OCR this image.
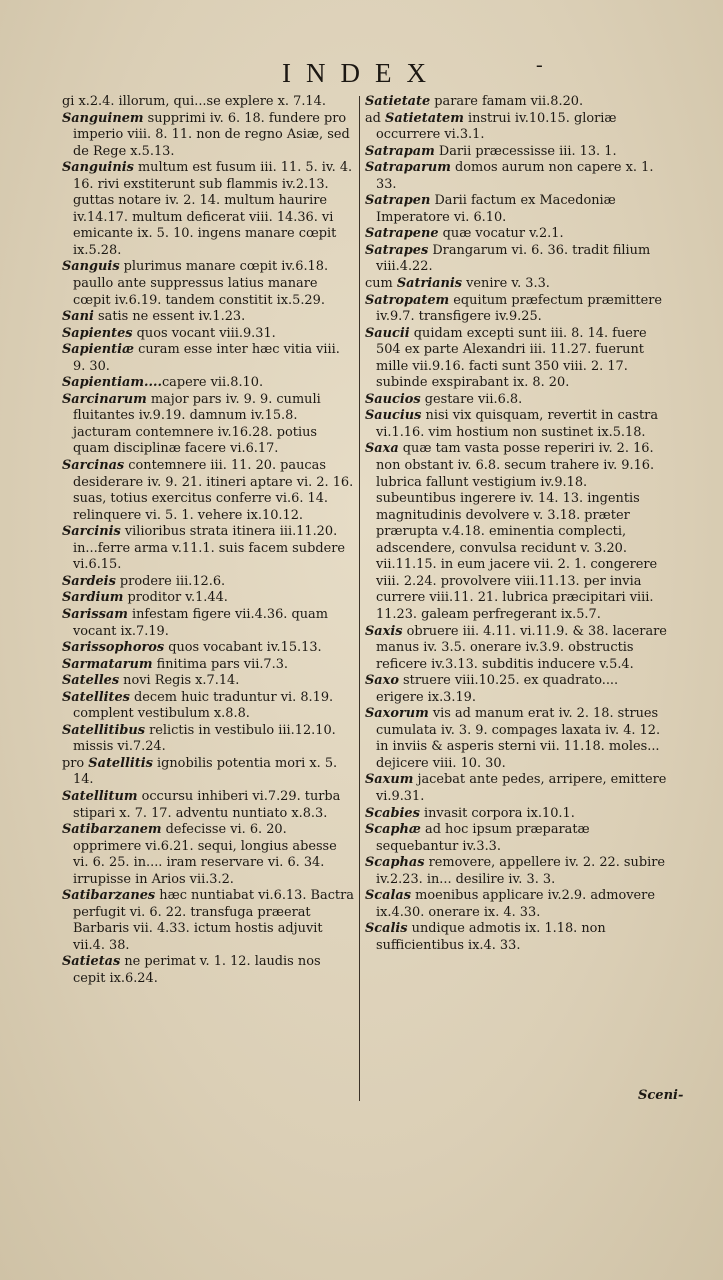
INDEX	-

gi x.2.4. illorum, qui...se explere x. 7.14.

Sanguinem supprimi iv. 6. 18. fundere pro imperio viii. 8. 11. non de regno Asiæ, sed de Rege x.5.13.

Sanguinis multum est fusum iii. 11. 5. iv. 4. 16. rivi exstiterunt sub flammis iv.2.13. guttas notare iv. 2. 14. multum haurire iv.14.17. multum deficerat viii. 14.36. vi emicante ix. 5. 10. ingens manare cœpit ix.5.28.

Sanguis plurimus manare cœpit iv.6.18. paullo ante suppressus latius manare cœpit iv.6.19. tandem constitit ix.5.29.

Sani satis ne essent iv.1.23.

Sapientes quos vocant viii.9.31.

Sapientiæ curam esse inter hæc vitia viii. 9. 30.

Sapientiam....capere vii.8.10.

Sarcinarum major pars iv. 9. 9. cumuli fluitantes iv.9.19. damnum iv.15.8. jacturam contemnere iv.16.28. potius quam disciplinæ facere vi.6.17.

Sarcinas contemnere iii. 11. 20. paucas desiderare iv. 9. 21. itineri aptare vi. 2. 16. suas, totius exercitus conferre vi.6. 14. relinquere vi. 5. 1. vehere ix.10.12.

Sarcinis vilioribus strata itinera iii.11.20. in...ferre arma v.11.1. suis facem subdere vi.6.15.

Sardeis prodere iii.12.6.

Sardium proditor v.1.44.

Sarissam infestam figere vii.4.36. quam vocant ix.7.19.

Sarissophoros quos vocabant iv.15.13.

Sarmatarum finitima pars vii.7.3.

Satelles novi Regis x.7.14.

Satellites decem huic traduntur vi. 8.19. complent vestibulum x.8.8.

Satellitibus relictis in vestibulo iii.12.10. missis vi.7.24.

pro Satellitis ignobilis potentia mori x. 5. 14.

Satellitum occursu inhiberi vi.7.29. turba stipari x. 7. 17. adventu nuntiato x.8.3.

Satibarzanem defecisse vi. 6. 20. opprimere vi.6.21. sequi, longius abesse vi. 6. 25. in.... iram reservare vi. 6. 34. irrupisse in Arios vii.3.2.

Satibarzanes hæc nuntiabat vi.6.13. Bactra perfugit vi. 6. 22. transfuga præerat Barbaris vii. 4.33. ictum hostis adjuvit vii.4. 38.

Satietas ne perimat v. 1. 12. laudis nos cepit ix.6.24.

Satietate parare famam vii.8.20.

ad Satietatem instrui iv.10.15. gloriæ occurrere vi.3.1.

Satrapam Darii præcessisse iii. 13. 1.

Satraparum domos aurum non capere x. 1. 33.

Satrapen Darii factum ex Macedoniæ Imperatore vi. 6.10.

Satrapene quæ vocatur v.2.1.

Satrapes Drangarum vi. 6. 36. tradit filium viii.4.22.

cum Satrianis venire v. 3.3.

Satropatem equitum præfectum præmittere iv.9.7. transfigere iv.9.25.

Saucii quidam excepti sunt iii. 8. 14. fuere 504 ex parte Alexandri iii. 11.27. fuerunt mille vii.9.16. facti sunt 350 viii. 2. 17. subinde exspirabant ix. 8. 20.

Saucios gestare vii.6.8.

Saucius nisi vix quisquam, revertit in castra vi.1.16. vim hostium non sustinet ix.5.18.

Saxa quæ tam vasta posse reperiri iv. 2. 16. non obstant iv. 6.8. secum trahere iv. 9.16. lubrica fallunt vestigium iv.9.18. subeuntibus ingerere iv. 14. 13. ingentis magnitudinis devolvere v. 3.18. præter prærupta v.4.18. eminentia complecti, adscendere, convulsa recidunt v. 3.20. vii.11.15. in eum jacere vii. 2. 1. congerere viii. 2.24. provolvere viii.11.13. per invia currere viii.11. 21. lubrica præcipitari viii. 11.23. galeam perfregerant ix.5.7.

Saxis obruere iii. 4.11. vi.11.9. & 38. lacerare manus iv. 3.5. onerare iv.3.9. obstructis reficere iv.3.13. subditis inducere v.5.4.

Saxo struere viii.10.25. ex quadrato.... erigere ix.3.19.

Saxorum vis ad manum erat iv. 2. 18. strues cumulata iv. 3. 9. compages laxata iv. 4. 12. in inviis & asperis sterni vii. 11.18. moles... dejicere viii. 10. 30.

Saxum jacebat ante pedes, arripere, emittere vi.9.31.

Scabies invasit corpora ix.10.1.

Scaphæ ad hoc ipsum præparatæ sequebantur iv.3.3.

Scaphas removere, appellere iv. 2. 22. subire iv.2.23. in... desilire iv. 3. 3.

Scalas moenibus applicare iv.2.9. admovere ix.4.30. onerare ix. 4. 33.

Scalis undique admotis ix. 1.18. non sufficientibus ix.4. 33.

Sceni-
